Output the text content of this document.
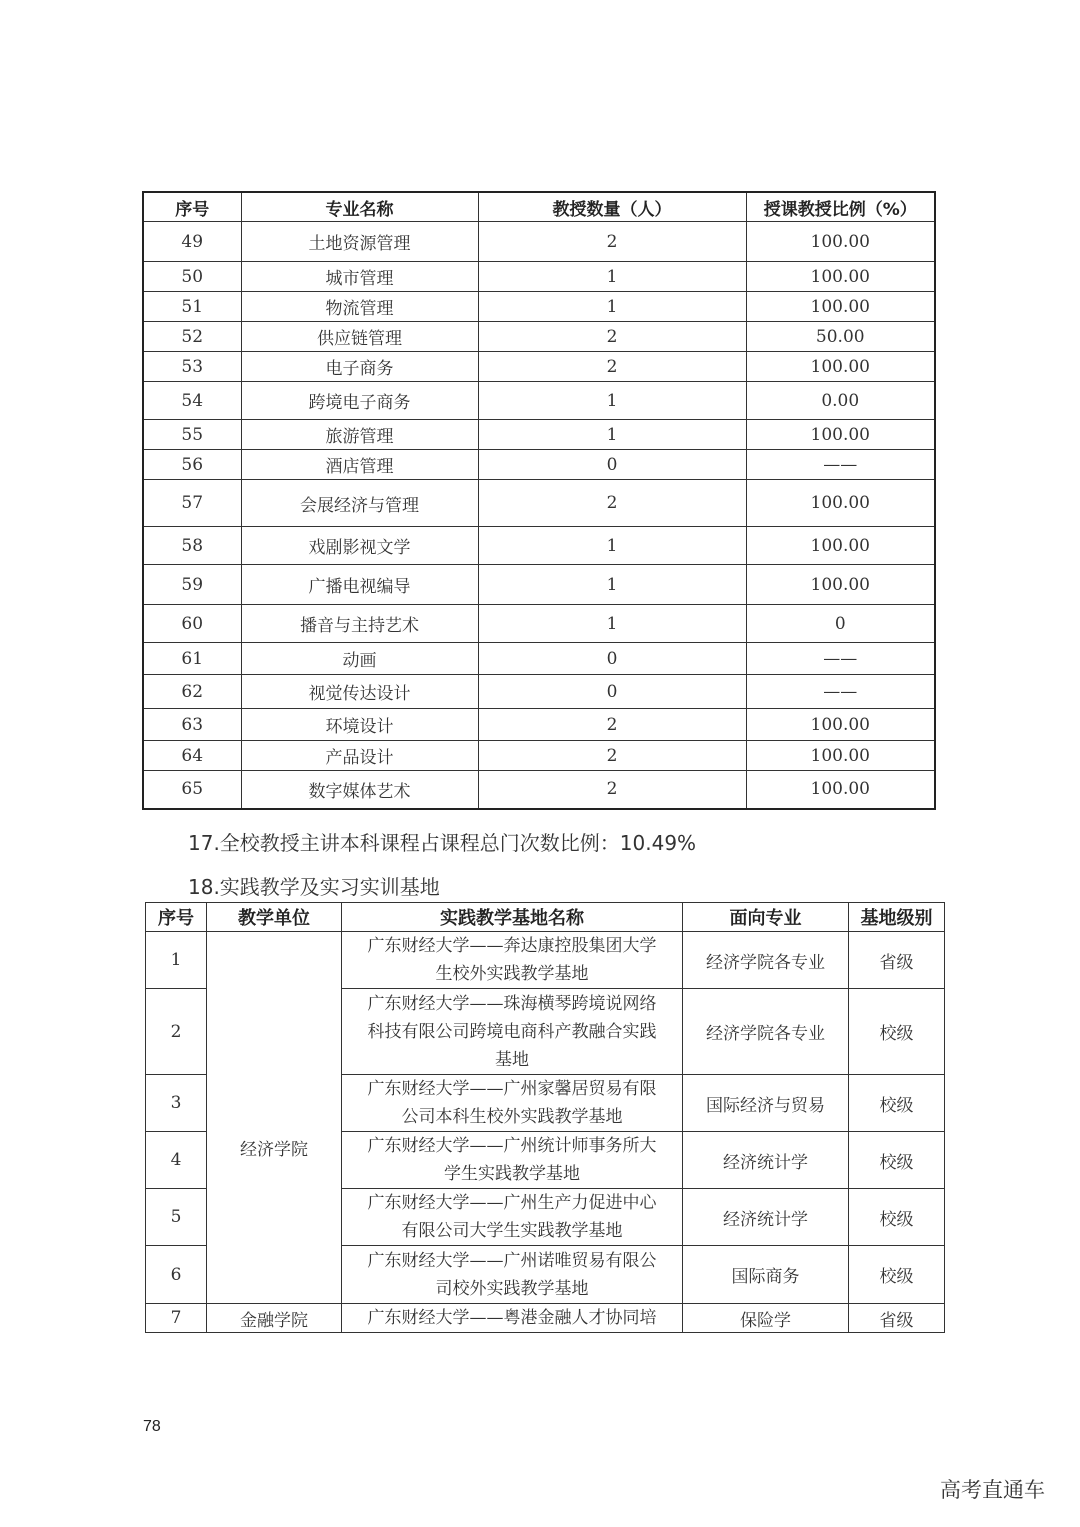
序号	专业名称	教授数量（人）	授课教授比例（%）
49	土地资源管理	2	100.00
50	城市管理	1	100.00
51	物流管理	1	100.00
52	供应链管理	2	50.00
53	电子商务	2	100.00
54	跨境电子商务	1	0.00
55	旅游管理	1	100.00
56	酒店管理	0	——
57	会展经济与管理	2	100.00
58	戏剧影视文学	1	100.00
59	广播电视编导	1	100.00
60	播音与主持艺术	1	0
61	动画	0	——
62	视觉传达设计	0	——
63	环境设计	2	100.00
64	产品设计	2	100.00
65	数字媒体艺术	2	100.00
17.全校教授主讲本科课程占课程总门次数比例：10.49%
18.实践教学及实习实训基地
序号	教学单位	实践教学基地名称	面向专业	基地级别
1	经济学院	广东财经大学——奔达康控股集团大学
生校外实践教学基地	经济学院各专业	省级
2		广东财经大学——珠海横琴跨境说网络
科技有限公司跨境电商科产教融合实践
基地	经济学院各专业	校级
3		广东财经大学——广州家馨居贸易有限
公司本科生校外实践教学基地	国际经济与贸易	校级
4		广东财经大学——广州统计师事务所大
学生实践教学基地	经济统计学	校级
5		广东财经大学——广州生产力促进中心
有限公司大学生实践教学基地	经济统计学	校级
6		广东财经大学——广州诺唯贸易有限公
司校外实践教学基地	国际商务	校级
7	金融学院	广东财经大学——粤港金融人才协同培	保险学	省级
78
高考直通车
